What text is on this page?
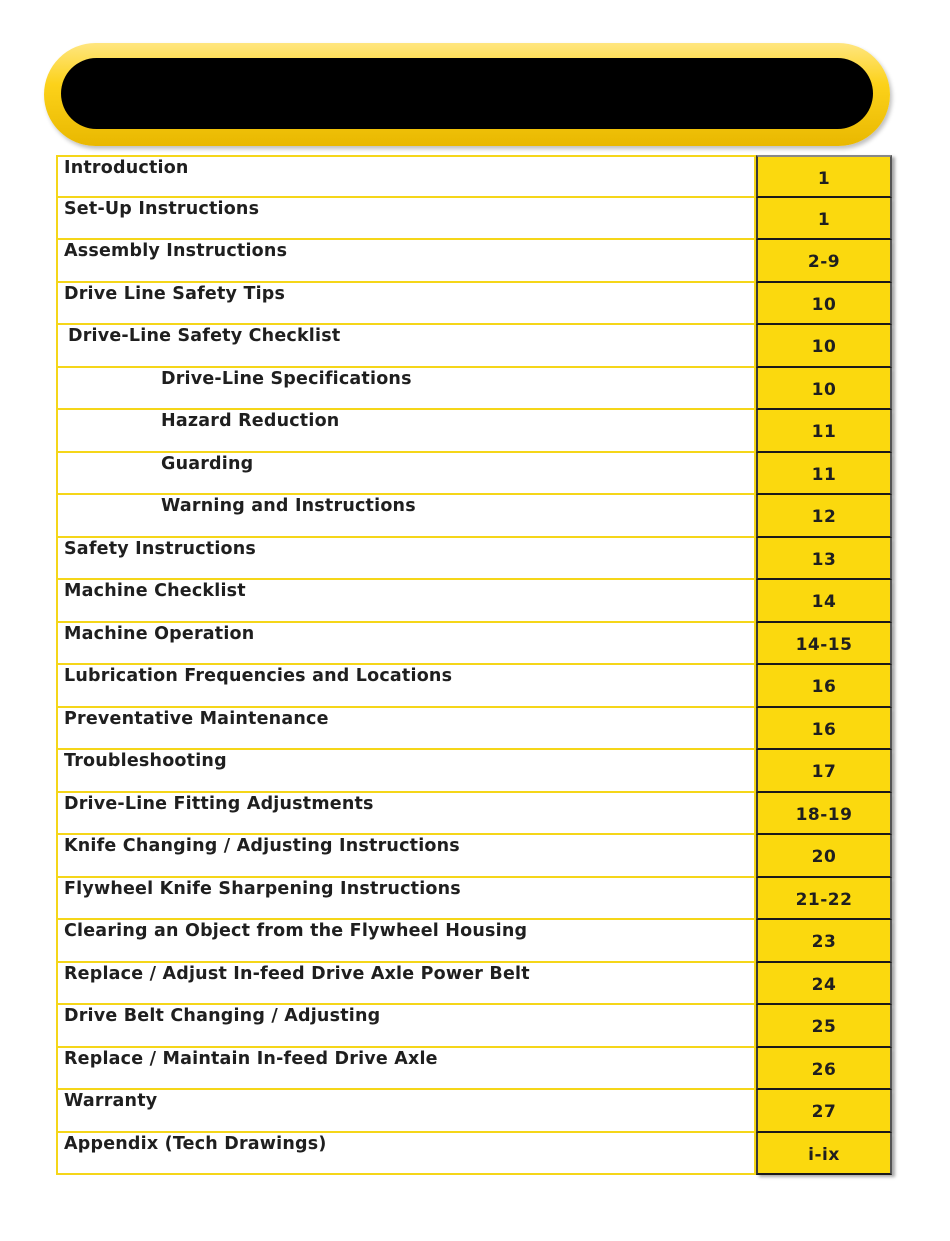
Introduction
1
Set-Up Instructions
1
Assembly Instructions
2-9
Drive Line Safety Tips
10
Drive-Line Safety Checklist
10
Drive-Line Specifications
10
Hazard Reduction
11
Guarding
11
Warning and Instructions
12
Safety Instructions
13
Machine Checklist
14
Machine Operation
14-15
Lubrication Frequencies and Locations
16
Preventative Maintenance
16
Troubleshooting
17
Drive-Line Fitting Adjustments
18-19
Knife Changing / Adjusting Instructions
20
Flywheel Knife Sharpening Instructions
21-22
Clearing an Object from the Flywheel Housing
23
Replace / Adjust In-feed Drive Axle Power Belt
24
Drive Belt Changing / Adjusting
25
Replace / Maintain In-feed Drive Axle
26
Warranty
27
Appendix (Tech Drawings)
i-ix
